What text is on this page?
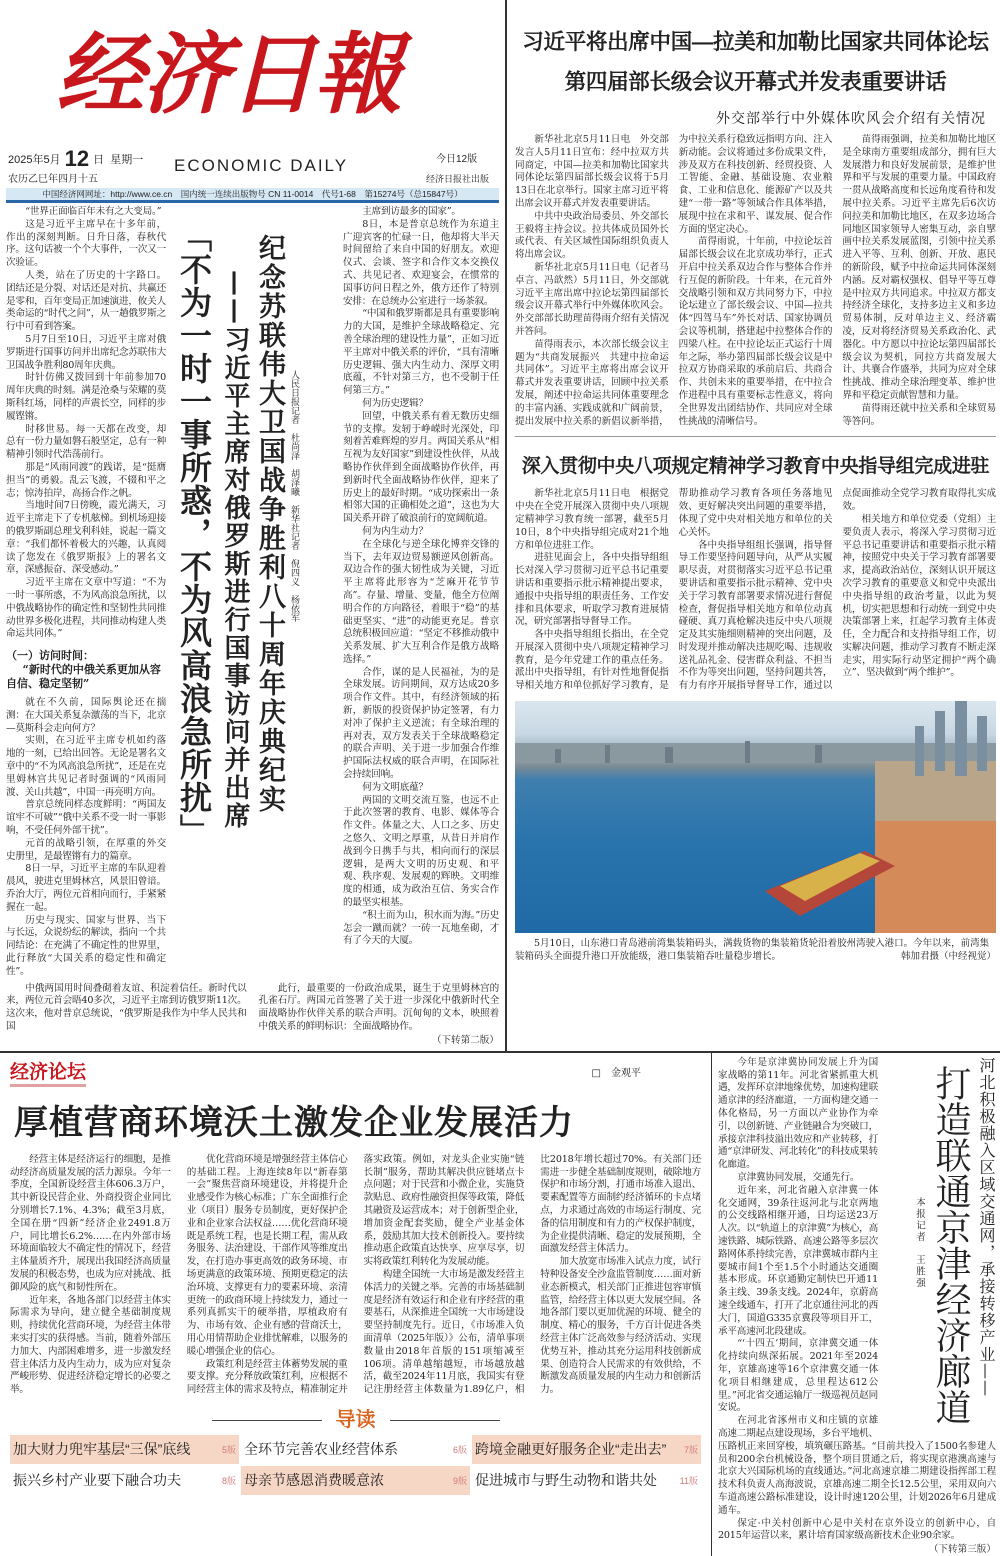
经济日報
2025年5月 12 日 星期一
农历乙巳年四月十五
ECONOMIC DAILY	今日12版
经济日报社出版
中国经济网网址：http://www.ce.cn　国内统一连续出版物号 CN 11-0014　代号1-68　第15274号（总15847号）

“世界正面临百年未有之大变局。”

这是习近平主席早在十多年前，作出的深刻判断。日升日落，春秋代序。这句话被一个个大事件，一次又一次验证。

人类，站在了历史的十字路口。团结还是分裂、对话还是对抗、共赢还是零和，百年变局正加速演进，攸关人类命运的“时代之问”，从一趟俄罗斯之行中可看到答案。

5月7日至10日，习近平主席对俄罗斯进行国事访问并出席纪念苏联伟大卫国战争胜利80周年庆典。

时针仿佛又拨回到十年前参加70周年庆典的时刻。满是沧桑与荣耀的莫斯科红场，同样的声震长空，同样的步履铿锵。

时移世易。每一天都在改变，却总有一份力量如磐石般坚定，总有一种精神引领时代浩荡前行。

那是“风雨同渡”的践诺，是“挺膺担当”的勇毅。乱云飞渡，不辍和平之志；惊涛拍岸，高扬合作之帆。

当地时间7日傍晚，霞光满天，习近平主席走下了专机舷梯。到机场迎接的俄罗斯副总理戈利科娃，说起一篇文章：“我们都怀着极大的兴趣，认真阅读了您发在《俄罗斯报》上的署名文章，深感振奋、深受感动。”

习近平主席在文章中写道：“不为一时一事所惑，不为风高浪急所扰，以中俄战略协作的确定性和坚韧性共同推动世界多极化进程，共同推动构建人类命运共同体。”

（一）访问时间：
“新时代的中俄关系更加从容自信、稳定坚韧”

就在不久前，国际舆论还在揣测：在大国关系复杂激荡的当下，北京—莫斯科会走向何方？

实则，在习近平主席专机如约落地的一刻，已给出回答。无论是署名文章中的“不为风高浪急所扰”，还是在克里姆林宫共见记者时强调的“风雨同渡、关山共越”，中国一再亮明方向。

普京总统同样态度鲜明：“两国友谊牢不可破”“俄中关系不受一时一事影响，不受任何外部干扰”。

元首的战略引领，在厚重的外交史册里，是最铿锵有力的篇章。

8日一早，习近平主席的车队迎着晨风，驶进克里姆林宫，风景旧曾谙。乔治大厅，两位元首相向而行，手紧紧握在一起。

历史与现实、国家与世界、当下与长远，众说纷纭的解读，指向一个共同结论：在充满了不确定性的世界里，此行释放“大国关系的稳定性和确定性”。

「不为一时一事所惑，不为风高浪急所扰」 ——习近平主席对俄罗斯进行国事访问并出席 纪念苏联伟大卫国战争胜利八十周年庆典纪实 人民日报记者　杜尚泽　胡泽曦　新华社记者　倪四义　杨依军

主席到访最多的国家”。

8日，本是普京总统作为东道主广迎宾客的忙碌一日，他却将大半天时间留给了来自中国的好朋友。欢迎仪式、会谈、签字和合作文本交换仪式、共见记者、欢迎宴会，在惯常的国事访问日程之外，俄方还作了特别安排：在总统办公室进行一场茶叙。

“中国和俄罗斯都是具有重要影响力的大国，是维护全球战略稳定、完善全球治理的建设性力量”，正如习近平主席对中俄关系的评价，“具有清晰历史逻辑、强大内生动力、深厚文明底蕴，不针对第三方，也不受制于任何第三方。”

何为历史逻辑？

回望，中俄关系有着无数历史细节的支撑。发轫于峥嵘时光深处，印刻着苦难辉煌的岁月。两国关系从“相互视为友好国家”到建设性伙伴，从战略协作伙伴到全面战略协作伙伴，再到新时代全面战略协作伙伴，迎来了历史上的最好时期。“成功探索出一条相邻大国的正确相处之道”，这也为大国关系开辟了破浪前行的宽阔航道。

何为内生动力？

在全球化与逆全球化博弈交锋的当下，去年双边贸易额逆风创新高。双边合作的强大韧性成为关键，习近平主席将此形容为“芝麻开花节节高”。存量、增量、变量，他全方位阐明合作的方向路径，着眼于“稳”的基础更坚实、“进”的动能更充足。普京总统积极回应道：“坚定不移推动俄中关系发展、扩大互利合作是俄方战略选择。”

合作，谋的是人民福祉，为的是全球发展。访问期间，双方达成20多项合作文件。其中，有经济领域的拓新，新版的投资保护协定签署，有力对冲了保护主义逆流；有全球治理的再对表，双方发表关于全球战略稳定的联合声明、关于进一步加强合作维护国际法权威的联合声明，在国际社会持续回响。

何为文明底蕴？

两国的文明交流互鉴，也远不止于此次签署的教育、电影、媒体等合作文件。体量之大、人口之多、历史之悠久、文明之厚重，从昔日并肩作战到今日携手与共，相向而行的深层逻辑，是两大文明的历史观、和平观、秩序观、发展观的辉映。文明维度的相通，成为政治互信、务实合作的最坚实根基。

“积土而为山，积水而为海。”历史怎会一蹴而就？一砖一瓦地垒砌，才有了今天的大厦。

中俄两国用时间叠砌着友谊、积淀着信任。新时代以来，两位元首会晤40多次，习近平主席到访俄罗斯11次。这次来，他对普京总统说，“俄罗斯是我作为中华人民共和国

此行，最重要的一份政治成果，诞生于克里姆林宫的孔雀石厅。两国元首签署了关于进一步深化中俄新时代全面战略协作伙伴关系的联合声明。沉甸甸的文本，映照着中俄关系的鲜明标识：全面战略协作。

（下转第二版）
习近平将出席中国—拉美和加勒比国家共同体论坛
第四届部长级会议开幕式并发表重要讲话
外交部举行中外媒体吹风会介绍有关情况

新华社北京5月11日电　外交部发言人5月11日宣布：经中拉双方共同商定，中国—拉美和加勒比国家共同体论坛第四届部长级会议将于5月13日在北京举行。国家主席习近平将出席会议开幕式并发表重要讲话。

中共中央政治局委员、外交部长王毅将主持会议。拉共体成员国外长或代表、有关区域性国际组织负责人将出席会议。

新华社北京5月11日电（记者马卓言、冯歆然）5月11日，外交部就习近平主席出席中拉论坛第四届部长级会议开幕式举行中外媒体吹风会。外交部部长助理苗得雨介绍有关情况并答问。

苗得雨表示，本次部长级会议主题为“共商发展振兴　共建中拉命运共同体”。习近平主席将出席会议开幕式并发表重要讲话，回顾中拉关系发展，阐述中拉命运共同体重要理念的丰富内涵、实践成就和广阔前景，提出发展中拉关系的新倡议新举措，为中拉关系行稳致远指明方向、注入新动能。会议将通过多份成果文件，涉及双方在科技创新、经贸投资、人工智能、金融、基础设施、农业粮食、工业和信息化、能源矿产以及共建“一带一路”等领域合作具体举措，展现中拉在求和平、谋发展、促合作方面的坚定决心。

苗得雨说，十年前，中拉论坛首届部长级会议在北京成功举行，正式开启中拉关系双边合作与整体合作并行互促的新阶段。十年来，在元首外交战略引领和双方共同努力下，中拉论坛建立了部长级会议、中国—拉共体“四驾马车”外长对话、国家协调员会议等机制，搭建起中拉整体合作的四梁八柱。在中拉论坛正式运行十周年之际，举办第四届部长级会议是中拉双方协商采取的承前启后、共商合作、共创未来的重要举措，在中拉合作进程中具有重要标志性意义，将向全世界发出团结协作、共同应对全球性挑战的清晰信号。

苗得雨强调，拉美和加勒比地区是全球南方重要组成部分，拥有巨大发展潜力和良好发展前景，是维护世界和平与发展的重要力量。中国政府一贯从战略高度和长远角度看待和发展中拉关系。习近平主席先后6次访问拉美和加勒比地区，在双多边场合同地区国家领导人密集互动，亲自擘画中拉关系发展蓝图，引领中拉关系进入平等、互利、创新、开放、惠民的新阶段，赋予中拉命运共同体深刻内涵。反对霸权强权、倡导平等互尊是中拉双方共同追求。中拉双方都支持经济全球化，支持多边主义和多边贸易体制，反对单边主义、经济霸凌，反对将经济贸易关系政治化、武器化。中方愿以中拉论坛第四届部长级会议为契机，同拉方共商发展大计、共襄合作盛举，共同为应对全球性挑战、推动全球治理变革、维护世界和平稳定贡献智慧和力量。

苗得雨还就中拉关系和全球贸易等答问。

深入贯彻中央八项规定精神学习教育中央指导组完成进驻

新华社北京5月11日电　根据党中央在全党开展深入贯彻中央八项规定精神学习教育统一部署，截至5月10日，8个中央指导组完成对21个地方和单位进驻工作。

进驻见面会上，各中央指导组组长对深入学习贯彻习近平总书记重要讲话和重要指示批示精神提出要求，通报中央指导组的职责任务、工作安排和具体要求，听取学习教育进展情况，研究部署指导督导工作。

各中央指导组组长指出，在全党开展深入贯彻中央八项规定精神学习教育，是今年党建工作的重点任务。派出中央指导组，有针对性地督促指导相关地方和单位抓好学习教育，是帮助推动学习教育各项任务落地见效、更好解决突出问题的重要举措，体现了党中央对相关地方和单位的关心关怀。

各中央指导组组长强调，指导督导工作要坚持问题导向，从严从实履职尽责，对贯彻落实习近平总书记重要讲话和重要指示批示精神、党中央关于学习教育部署要求情况进行督促检查，督促指导相关地方和单位动真碰硬、真刀真枪解决违反中央八项规定及其实施细则精神的突出问题，及时发现并推动解决违规吃喝、违规收送礼品礼金、侵害群众利益、不担当不作为等突出问题，坚持问题共答，有力有序开展指导督导工作，通过以点促面推动全党学习教育取得扎实成效。

相关地方和单位党委（党组）主要负责人表示，将深入学习贯彻习近平总书记重要讲话和重要指示批示精神，按照党中央关于学习教育部署要求，提高政治站位，深刻认识开展这次学习教育的重要意义和党中央派出中央指导组的政治考量，以此为契机，切实把思想和行动统一到党中央决策部署上来，扛起学习教育主体责任，全力配合和支持指导组工作，切实解决问题，推动学习教育不断走深走实，用实际行动坚定拥护“两个确立”、坚决做到“两个维护”。

5月10日，山东港口青岛港前湾集装箱码头，满载货物的集装箱货轮沿着胶州湾驶入港口。今年以来，前湾集装箱码头全面提升港口开放能级，港口集装箱吞吐量稳步增长。	韩加君摄（中经视觉）
经济论坛	□　金观平
厚植营商环境沃土激发企业发展活力

经营主体是经济运行的细胞，是推动经济高质量发展的活力源泉。今年一季度，全国新设经营主体606.3万户，其中新设民营企业、外商投资企业同比分别增长7.1%、4.3%；截至3月底，全国在册“四新”经济企业2491.8万户，同比增长6.2%……在内外部市场环境面临较大不确定性的情况下，经营主体量质齐升，展现出我国经济高质量发展的积极态势，也成为应对挑战、抵御风险的底气和韧性所在。

近年来，各地各部门以经营主体实际需求为导向，建立健全基础制度规则，持续优化营商环境，为经营主体带来实打实的获得感。当前，随着外部压力加大、内部困难增多，进一步激发经营主体活力及内生动力，成为应对复杂严峻形势、促进经济稳定增长的必要之举。

优化营商环境是增强经营主体信心的基础工程。上海连续8年以“新春第一会”聚焦营商环境建设，并将提升企业感受作为核心标准；广东全面推行企业（项目）服务专员制度，更好保护企业和企业家合法权益……优化营商环境既是系统工程，也是长期工程，需从政务服务、法治建设、干部作风等维度出发，在打造办事更高效的政务环境、市场更满意的政策环境、预期更稳定的法治环境、支撑更有力的要素环境、亲清更统一的政商环境上持续发力，通过一系列真抓实干的硬举措，厚植政府有为、市场有效、企业有感的营商沃土，用心用情帮助企业排忧解难，以服务的暖心增强企业的信心。

政策红利是经营主体蓄势发展的重要支撑。充分释放政策红利，应根据不同经营主体的需求及特点，精准制定并落实政策。例如，对龙头企业实施“链长制”服务，帮助其解决供应链堵点卡点问题；对于民营和小微企业，实施贷款贴息、政府性融资担保等政策，降低其融资及运营成本；对于创新型企业，增加资金配套奖励，健全产业基金体系，鼓励其加大技术创新投入。要持续推动惠企政策直达快享、应享尽享，切实将政策红利转化为发展动能。

构建全国统一大市场是激发经营主体活力的关键之举。完善的市场基础制度是经济有效运行和企业有序经营的重要基石，从深推进全国统一大市场建设要坚持制度先行。近日，《市场准入负面清单（2025年版）》公布，清单事项数量由2018年首版的151项缩减至106项。清单越缩越短，市场越放越活，截至2024年11月底，我国实有登记注册经营主体数量为1.89亿户，相比2018年增长超过70%。有关部门还需进一步健全基础制度规则，破除地方保护和市场分割，打通市场准入退出、要素配置等方面制约经济循环的卡点堵点，力求通过高效的市场运行制度、完备的信用制度和有力的产权保护制度，为企业提供清晰、稳定的发展预期，全面激发经营主体活力。

加大放宽市场准入试点力度，试行特种设备安全沙盒监管制度……面对新业态新模式，相关部门正推进包容审慎监管，给经营主体以更大发展空间。各地各部门要以更加优渥的环境、健全的制度、精心的服务，千方百计促进各类经营主体广泛高效参与经济活动、实现优势互补，推动其充分运用科技创新成果、创造符合人民需求的有效供给，不断激发高质量发展的内生动力和创新活力。

导读
加大财力兜牢基层“三保”底线	5版 全环节完善农业经营体系	6版 跨境金融更好服务企业“走出去” 7版
振兴乡村产业要下融合功夫	8版 母亲节感恩消费暖意浓	9版 促进城市与野生动物和谐共处	11版
河北积极融入区域交通网，承接转移产业——
打造联通京津经济廊道
本报记者　王胜强

今年是京津冀协同发展上升为国家战略的第11年。河北省紧抓重大机遇，发挥环京津地缘优势，加速构建联通京津的经济廊道，一方面构建交通一体化格局，另一方面以产业协作为牵引，以创新链、产业链融合为突破口，承接京津科技溢出效应和产业转移，打通“京津研发、河北转化”的科技成果转化廊道。

京津冀协同发展，交通先行。

近年来，河北省融入京津冀一体化交通网，39条往返河北与北京两地的公交线路相继开通，日均运送23万人次。以“轨道上的京津冀”为核心，高速铁路、城际铁路、高速公路等多层次路网体系持续完善，京津冀城市群内主要城市间1个至1.5个小时通达交通圈基本形成。环京通勤定制快巴开通11条主线、39条支线。2024年，京蔚高速全线通车，打开了北京通往河北的西大门，国道G335京冀段等项目开工，承平高速河北段建成。

“‘十四五’期间，京津冀交通一体化持续向纵深拓展。2021年至2024年，京雄高速等16个京津冀交通一体化项目相继建成，总里程达612公里。”河北省交通运输厅一级巡视员赵同安说。

在河北省涿州市义和庄镇的京雄高速二期起点建设现场，多台平地机、压路机正来回穿梭，填筑碾压路基。“目前共投入了1500名参建人员和200余台机械设备，整个项目贯通之后，将实现京港澳高速与北京大兴国际机场的直线通达。”河北高速京雄二期建设指挥部工程技术科负责人高海波说，京雄高速二期全长12.5公里，采用双向六车道高速公路标准建设，设计时速120公里，计划2026年6月建成通车。

保定·中关村创新中心是中关村在京外设立的创新中心，自2015年运营以来，累计培育国家级高新技术企业90余家。

（下转第三版）
